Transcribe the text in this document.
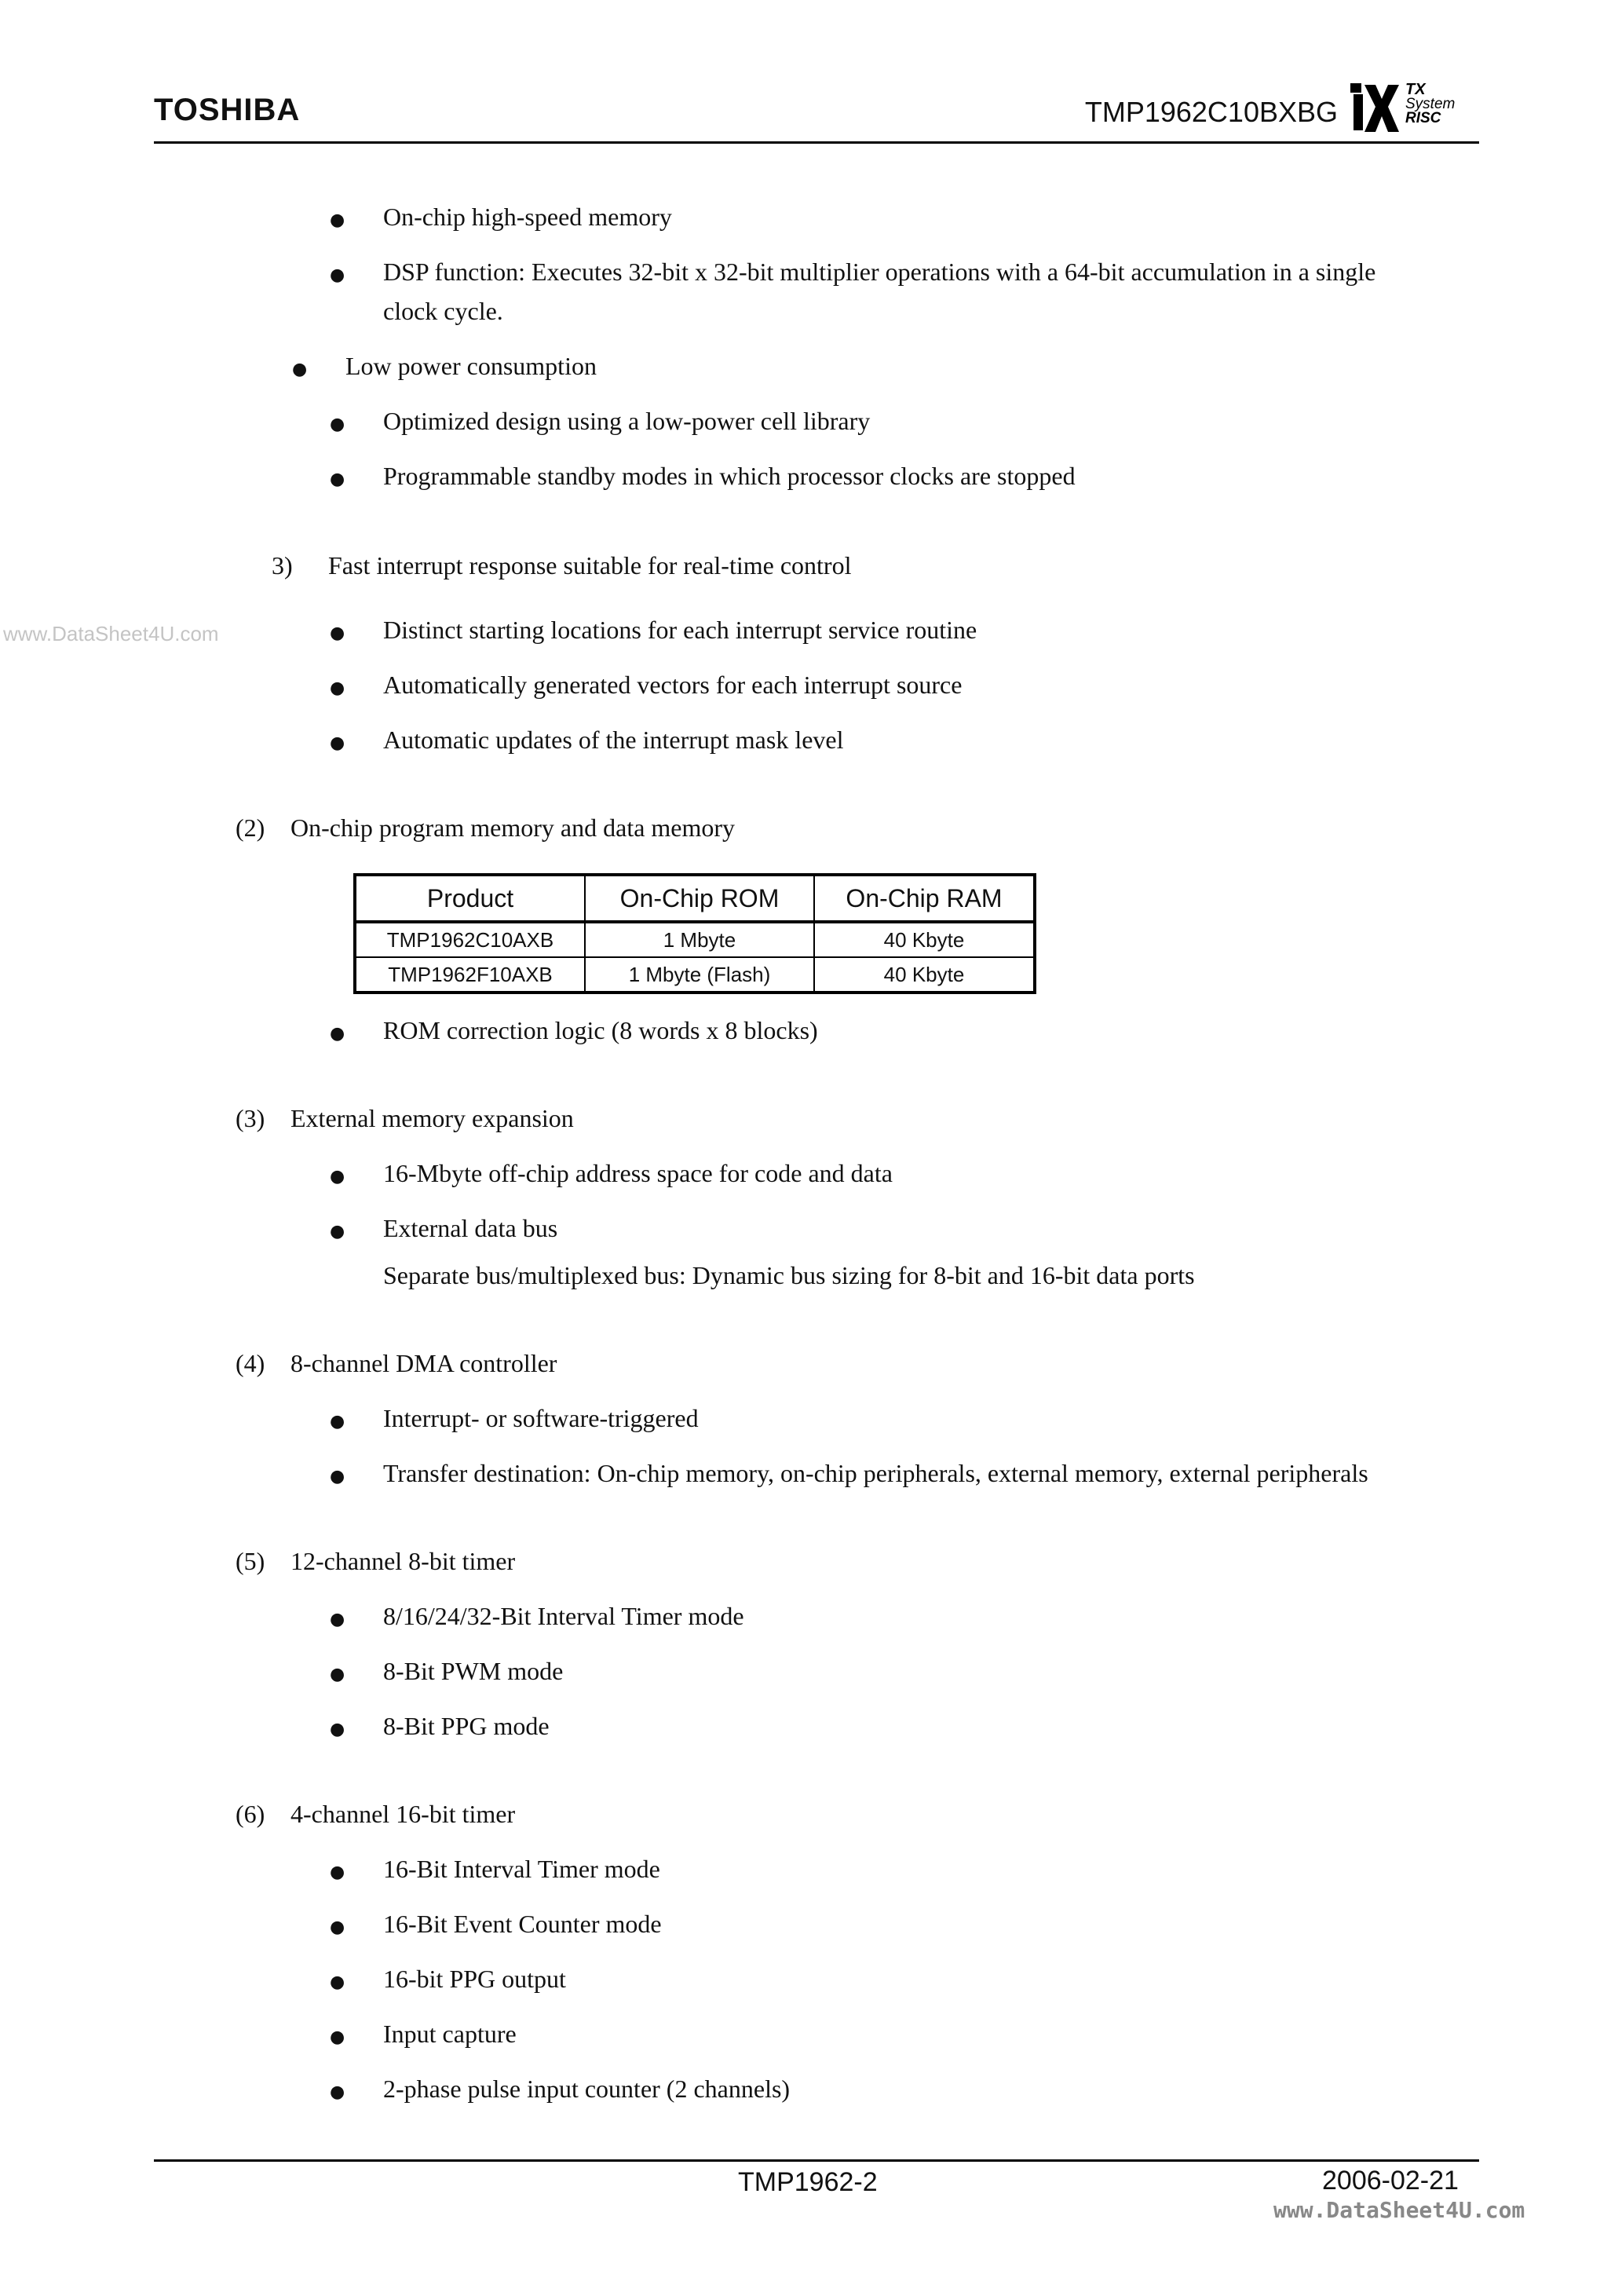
TOSHIBA	TMP1962C10BXBG
TX
System
RISC
www.DataSheet4U.com
● On-chip high-speed memory
● DSP function: Executes 32-bit x 32-bit multiplier operations with a 64-bit accumulation in a single
clock cycle.
● Low power consumption
● Optimized design using a low-power cell library
● Programmable standby modes in which processor clocks are stopped
3) Fast interrupt response suitable for real-time control
● Distinct starting locations for each interrupt service routine
● Automatically generated vectors for each interrupt source
● Automatic updates of the interrupt mask level
(2) On-chip program memory and data memory
Product	On-Chip ROM	On-Chip RAM
TMP1962C10AXB	1 Mbyte	40 Kbyte
TMP1962F10AXB	1 Mbyte (Flash)	40 Kbyte
● ROM correction logic (8 words x 8 blocks)
(3) External memory expansion
● 16-Mbyte off-chip address space for code and data
● External data bus
Separate bus/multiplexed bus: Dynamic bus sizing for 8-bit and 16-bit data ports
(4) 8-channel DMA controller
● Interrupt- or software-triggered
● Transfer destination: On-chip memory, on-chip peripherals, external memory, external peripherals
(5) 12-channel 8-bit timer
● 8/16/24/32-Bit Interval Timer mode
● 8-Bit PWM mode
● 8-Bit PPG mode
(6) 4-channel 16-bit timer
● 16-Bit Interval Timer mode
● 16-Bit Event Counter mode
● 16-bit PPG output
● Input capture
● 2-phase pulse input counter (2 channels)
TMP1962-2	2006-02-21
www.DataSheet4U.com
